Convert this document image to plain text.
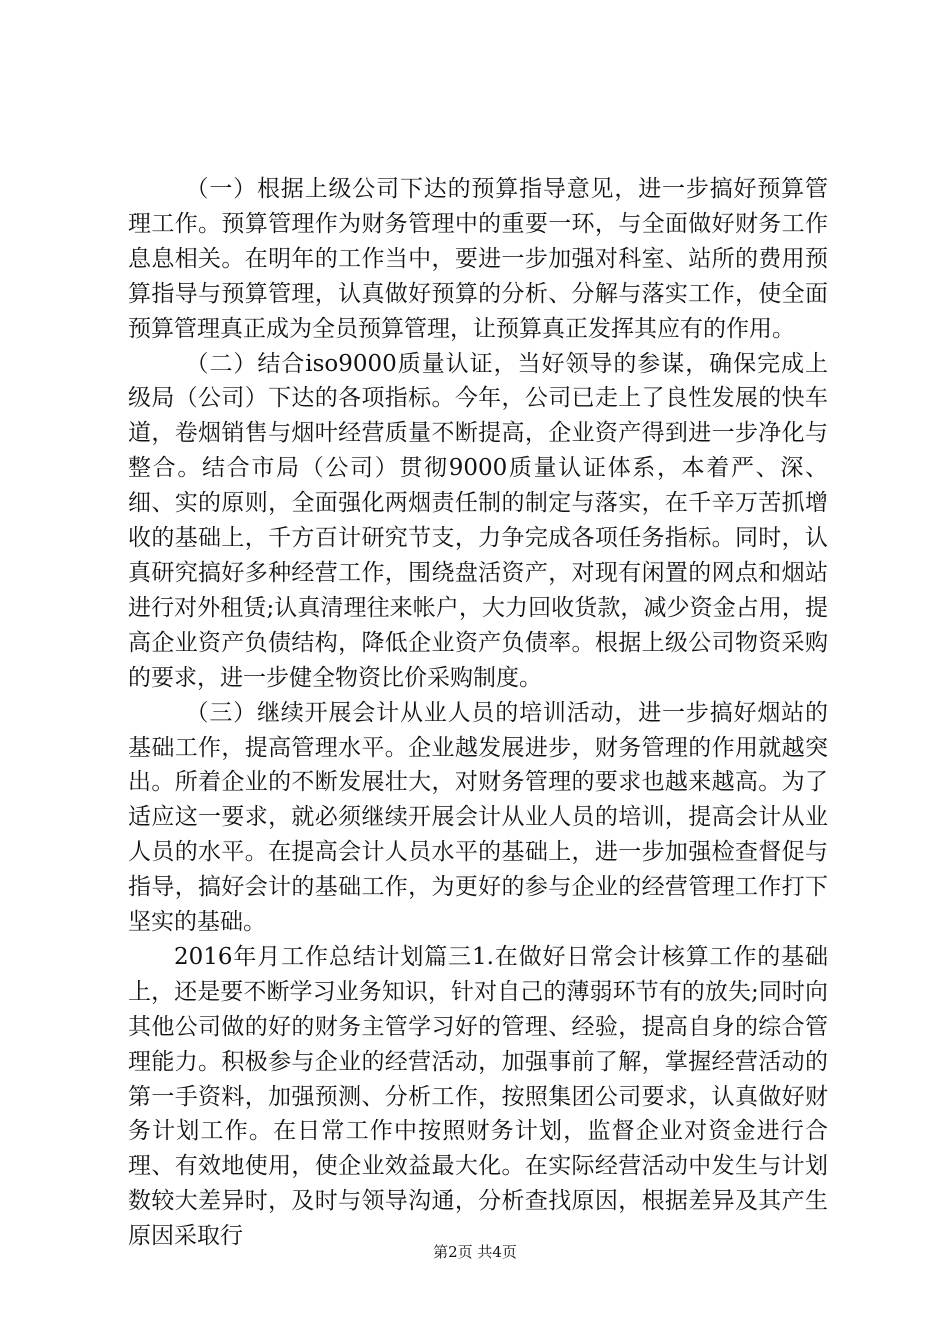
（一）根据上级公司下达的预算指导意见，进一步搞好预算管理工作。预算管理作为财务管理中的重要一环，与全面做好财务工作息息相关。在明年的工作当中，要进一步加强对科室、站所的费用预算指导与预算管理，认真做好预算的分析、分解与落实工作，使全面预算管理真正成为全员预算管理，让预算真正发挥其应有的作用。

（二）结合iso9000质量认证，当好领导的参谋，确保完成上级局（公司）下达的各项指标。今年，公司已走上了良性发展的快车道，卷烟销售与烟叶经营质量不断提高，企业资产得到进一步净化与整合。结合市局（公司）贯彻9000质量认证体系，本着严、深、细、实的原则，全面强化两烟责任制的制定与落实，在千辛万苦抓增收的基础上，千方百计研究节支，力争完成各项任务指标。同时，认真研究搞好多种经营工作，围绕盘活资产，对现有闲置的网点和烟站进行对外租赁;认真清理往来帐户，大力回收货款，减少资金占用，提高企业资产负债结构，降低企业资产负债率。根据上级公司物资采购的要求，进一步健全物资比价采购制度。

（三）继续开展会计从业人员的培训活动，进一步搞好烟站的基础工作，提高管理水平。企业越发展进步，财务管理的作用就越突出。所着企业的不断发展壮大，对财务管理的要求也越来越高。为了适应这一要求，就必须继续开展会计从业人员的培训，提高会计从业人员的水平。在提高会计人员水平的基础上，进一步加强检查督促与指导，搞好会计的基础工作，为更好的参与企业的经营管理工作打下坚实的基础。

2016年月工作总结计划篇三1.在做好日常会计核算工作的基础上，还是要不断学习业务知识，针对自己的薄弱环节有的放失;同时向其他公司做的好的财务主管学习好的管理、经验，提高自身的综合管理能力。积极参与企业的经营活动，加强事前了解，掌握经营活动的第一手资料，加强预测、分析工作，按照集团公司要求，认真做好财务计划工作。在日常工作中按照财务计划，监督企业对资金进行合理、有效地使用，使企业效益最大化。在实际经营活动中发生与计划数较大差异时，及时与领导沟通，分析查找原因，根据差异及其产生原因采取行

第2页 共4页
